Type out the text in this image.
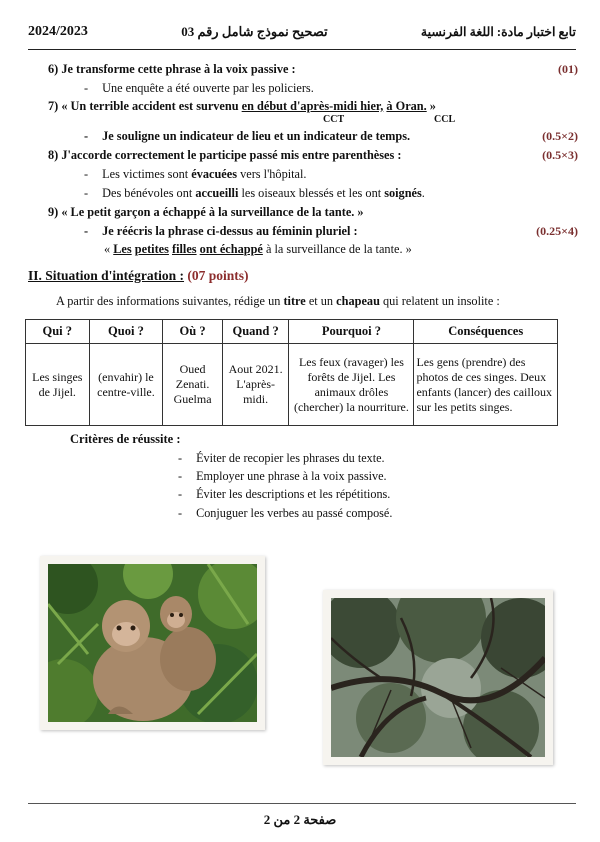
2024/2023	تصحيح نموذج شامل رقم 03	تابع اختبار مادة: اللغة الفرنسية
6) Je transforme cette phrase à la voix passive :	(01)
- Une enquête a été ouverte par les policiers.
7) « Un terrible accident est survenu en début d'après-midi hier, à Oran. »
CCT	CCL
- Je souligne un indicateur de lieu et un indicateur de temps.	(0.5×2)
8) J'accorde correctement le participe passé mis entre parenthèses :	(0.5×3)
- Les victimes sont évacuées vers l'hôpital.
- Des bénévoles ont accueilli les oiseaux blessés et les ont soignés.
9) « Le petit garçon a échappé à la surveillance de la tante. »
- Je réécris la phrase ci-dessus au féminin pluriel :	(0.25×4)
« Les petites filles ont échappé à la surveillance de la tante. »
II. Situation d'intégration : (07 points)
A partir des informations suivantes, rédige un titre et un chapeau qui relatent un insolite :
Qui ?	Quoi ?	Où ?	Quand ?	Pourquoi ?	Conséquences
Les singes de Jijel.	(envahir) le centre-ville.	Oued Zenati. Guelma	Aout 2021. L'après-midi.	Les feux (ravager) les forêts de Jijel. Les animaux drôles (chercher) la nourriture.	Les gens (prendre) des photos de ces singes. Deux enfants (lancer) des cailloux sur les petits singes.
Critères de réussite :
- Éviter de recopier les phrases du texte.
- Employer une phrase à la voix passive.
- Éviter les descriptions et les répétitions.
- Conjuguer les verbes au passé composé.
صفحة 2 من 2
